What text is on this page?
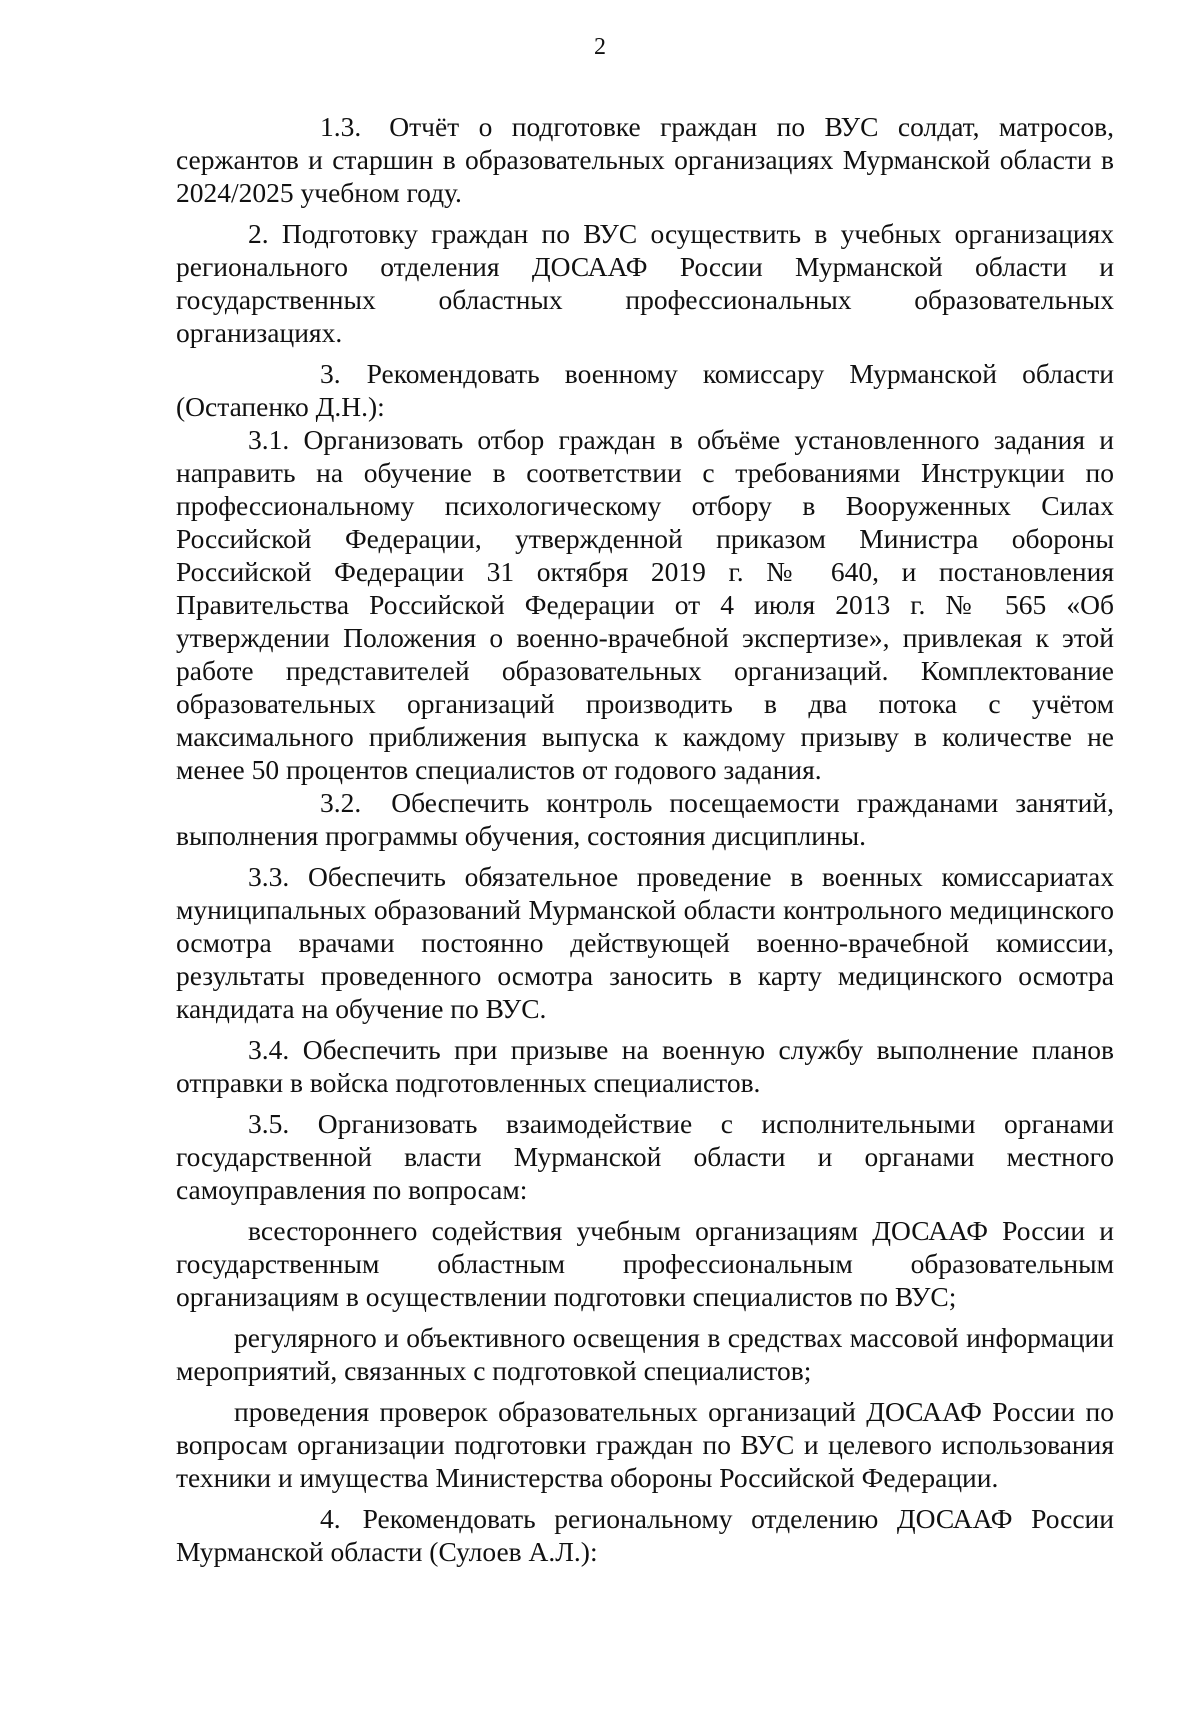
2

1.3. Отчёт о подготовке граждан по ВУС солдат, матросов, сержантов и старшин в образовательных организациях Мурманской области в 2024/2025 учебном году.

2. Подготовку граждан по ВУС осуществить в учебных организациях регионального отделения ДОСААФ России Мурманской области и государственных областных профессиональных образовательных организациях.

3. Рекомендовать военному комиссару Мурманской области (Остапенко Д.Н.):

3.1. Организовать отбор граждан в объёме установленного задания и направить на обучение в соответствии с требованиями Инструкции по профессиональному психологическому отбору в Вооруженных Силах Российской Федерации, утвержденной приказом Министра обороны Российской Федерации 31 октября 2019 г. № 640, и постановления Правительства Российской Федерации от 4 июля 2013 г. № 565 «Об утверждении Положения о военно-врачебной экспертизе», привлекая к этой работе представителей образовательных организаций. Комплектование образовательных организаций производить в два потока с учётом максимального приближения выпуска к каждому призыву в количестве не менее 50 процентов специалистов от годового задания.

3.2. Обеспечить контроль посещаемости гражданами занятий, выполнения программы обучения, состояния дисциплины.

3.3. Обеспечить обязательное проведение в военных комиссариатах муниципальных образований Мурманской области контрольного медицинского осмотра врачами постоянно действующей военно-врачебной комиссии, результаты проведенного осмотра заносить в карту медицинского осмотра кандидата на обучение по ВУС.

3.4. Обеспечить при призыве на военную службу выполнение планов отправки в войска подготовленных специалистов.

3.5. Организовать взаимодействие с исполнительными органами государственной власти Мурманской области и органами местного самоуправления по вопросам:

всестороннего содействия учебным организациям ДОСААФ России и государственным областным профессиональным образовательным организациям в осуществлении подготовки специалистов по ВУС;

регулярного и объективного освещения в средствах массовой информации мероприятий, связанных с подготовкой специалистов;

проведения проверок образовательных организаций ДОСААФ России по вопросам организации подготовки граждан по ВУС и целевого использования техники и имущества Министерства обороны Российской Федерации.

4. Рекомендовать региональному отделению ДОСААФ России Мурманской области (Сулоев А.Л.):
